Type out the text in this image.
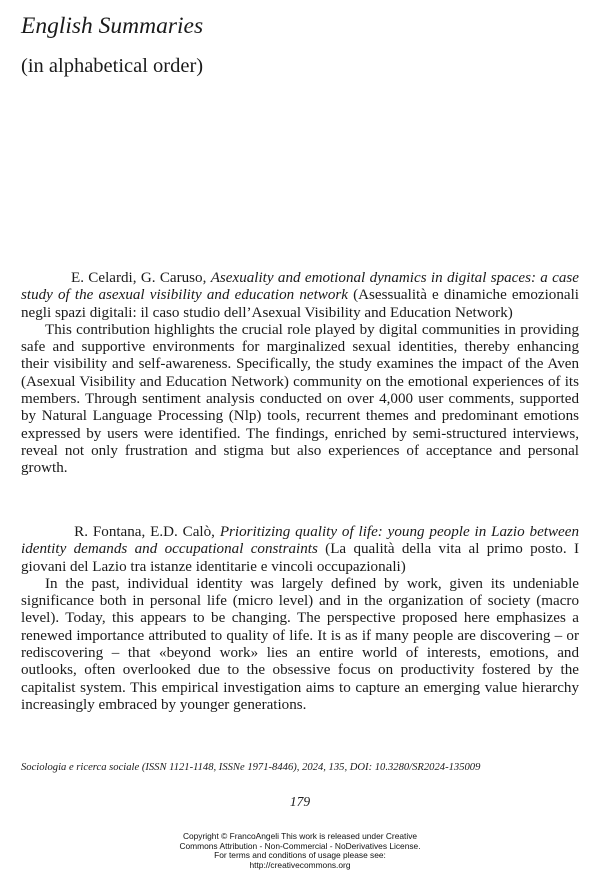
English Summaries
(in alphabetical order)

E. Celardi, G. Caruso, Asexuality and emotional dynamics in digital spaces: a case study of the asexual visibility and education network (Asessualità e dinamiche emozionali negli spazi digitali: il caso studio dell’Asexual Visibility and Education Network)

This contribution highlights the crucial role played by digital communities in providing safe and supportive environments for marginalized sexual identities, thereby enhancing their visibility and self-awareness. Specifically, the study examines the impact of the Aven (Asexual Visibility and Education Network) community on the emotional experiences of its members. Through sentiment analysis conducted on over 4,000 user comments, supported by Natural Language Processing (Nlp) tools, recurrent themes and predominant emotions expressed by users were identified. The findings, enriched by semi-structured interviews, reveal not only frustration and stigma but also experiences of acceptance and personal growth.

R. Fontana, E.D. Calò, Prioritizing quality of life: young people in Lazio between identity demands and occupational constraints (La qualità della vita al primo posto. I giovani del Lazio tra istanze identitarie e vincoli occupazionali)

In the past, individual identity was largely defined by work, given its undeniable significance both in personal life (micro level) and in the organization of society (macro level). Today, this appears to be changing. The perspective proposed here emphasizes a renewed importance attributed to quality of life. It is as if many people are discovering – or rediscovering – that «beyond work» lies an entire world of interests, emotions, and outlooks, often overlooked due to the obsessive focus on productivity fostered by the capitalist system. This empirical investigation aims to capture an emerging value hierarchy increasingly embraced by younger generations.

Sociologia e ricerca sociale (ISSN 1121-1148, ISSNe 1971-8446), 2024, 135, DOI: 10.3280/SR2024-135009
179
Copyright © FrancoAngeli This work is released under Creative
Commons Attribution - Non-Commercial - NoDerivatives License.
For terms and conditions of usage please see:
http://creativecommons.org
